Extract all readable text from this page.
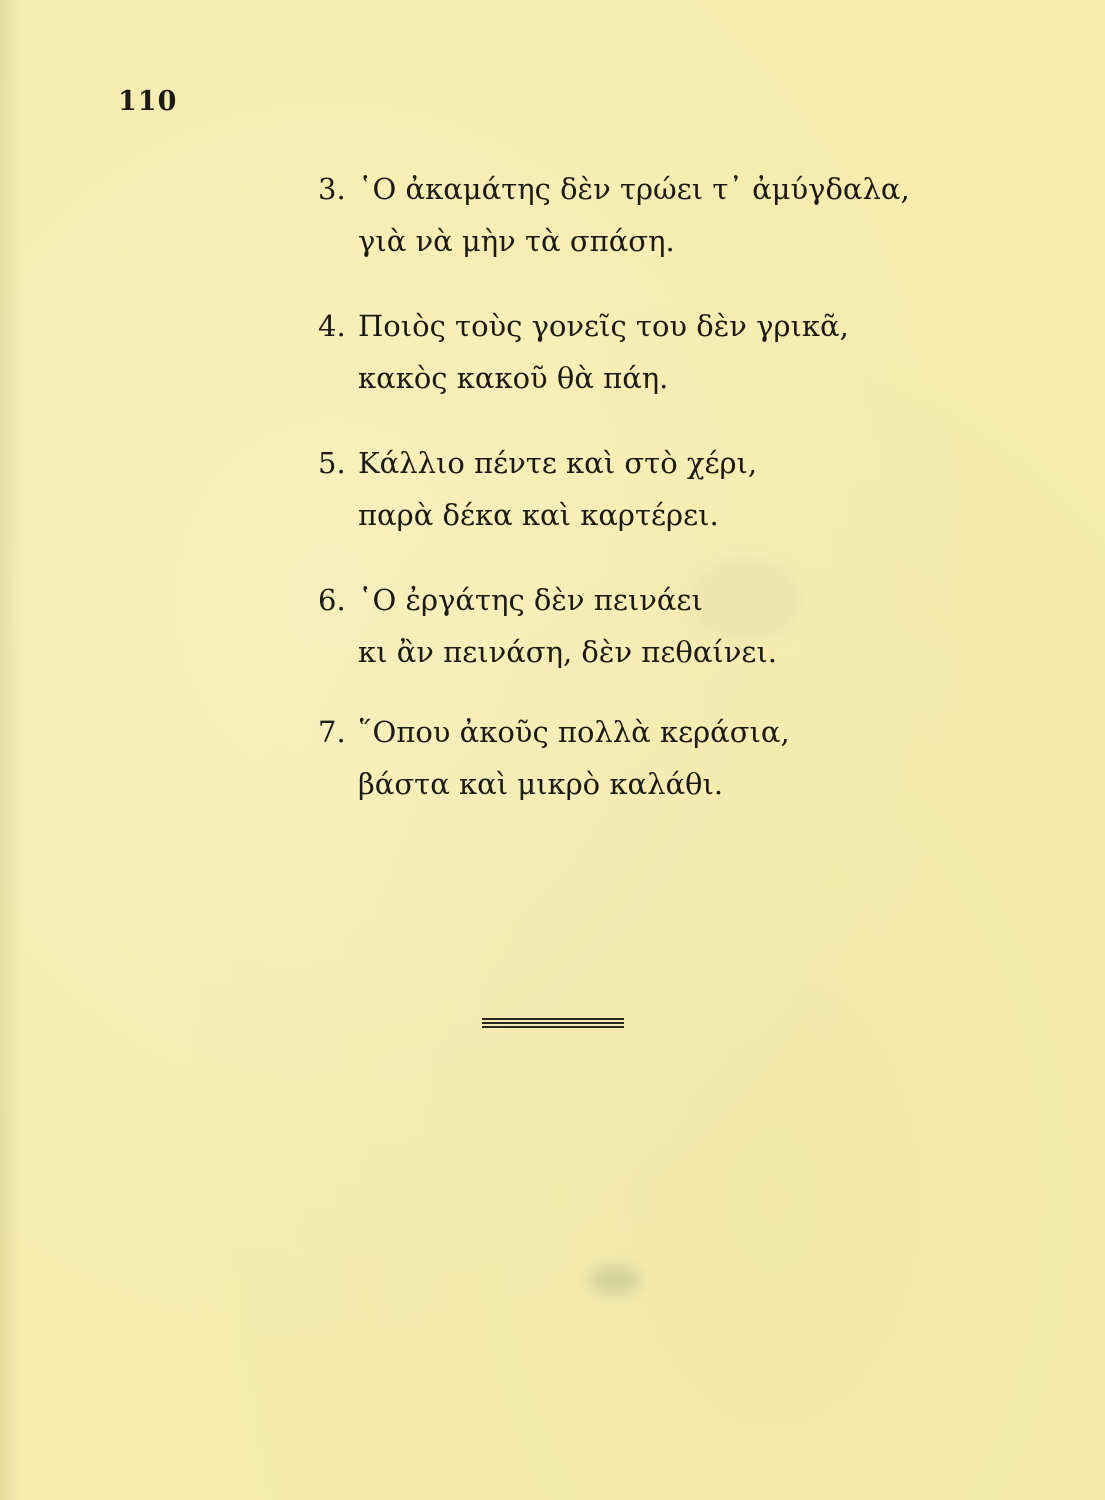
110
3. ῾Ο ἀκαμάτης δὲν τρώει τ᾿ ἀμύγδαλα,
γιὰ νὰ μὴν τὰ σπάση.
4. Ποιὸς τοὺς γονεῖς του δὲν γρικᾶ,
κακὸς κακοῦ θὰ πάη.
5. Κάλλιο πέντε καὶ στὸ χέρι,
παρὰ δέκα καὶ καρτέρει.
6. ῾Ο ἐργάτης δὲν πεινάει
κι ἂν πεινάση, δὲν πεθαίνει.
7. ῞Οπου ἀκοῦς πολλὰ κεράσια,
βάστα καὶ μικρὸ καλάθι.
